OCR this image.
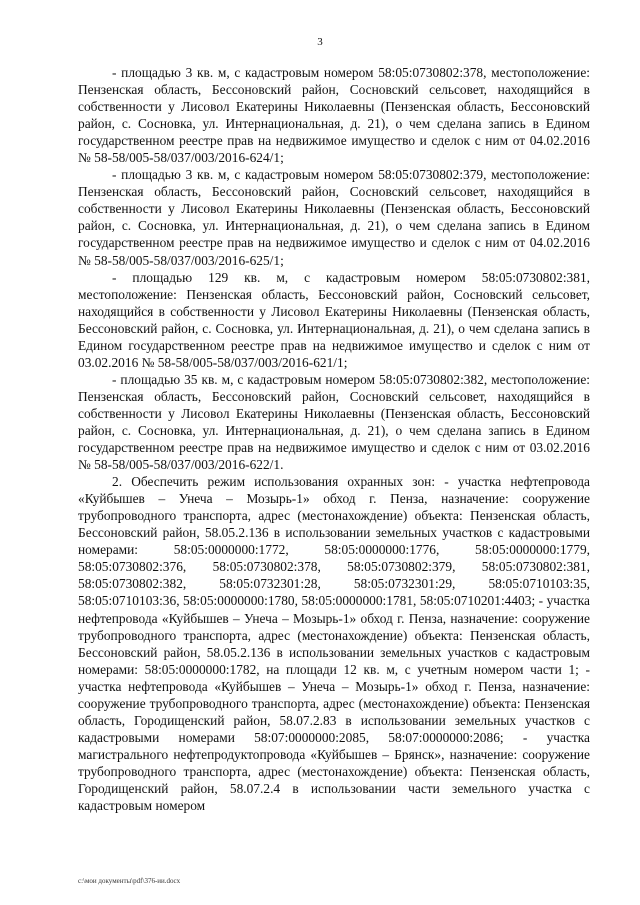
3

- площадью 3 кв. м, с кадастровым номером 58:05:0730802:378, местоположение: Пензенская область, Бессоновский район, Сосновский сельсовет, находящийся в собственности у Лисовол Екатерины Николаевны (Пензенская область, Бессоновский район, с. Сосновка, ул. Интернациональная, д. 21), о чем сделана запись в Едином государственном реестре прав на недвижимое имущество и сделок с ним от 04.02.2016 № 58-58/005-58/037/003/2016-624/1;

- площадью 3 кв. м, с кадастровым номером 58:05:0730802:379, местоположение: Пензенская область, Бессоновский район, Сосновский сельсовет, находящийся в собственности у Лисовол Екатерины Николаевны (Пензенская область, Бессоновский район, с. Сосновка, ул. Интернациональная, д. 21), о чем сделана запись в Едином государственном реестре прав на недвижимое имущество и сделок с ним от 04.02.2016 № 58-58/005-58/037/003/2016-625/1;

- площадью 129 кв. м, с кадастровым номером 58:05:0730802:381, местоположение: Пензенская область, Бессоновский район, Сосновский сельсовет, находящийся в собственности у Лисовол Екатерины Николаевны (Пензенская область, Бессоновский район, с. Сосновка, ул. Интернациональная, д. 21), о чем сделана запись в Едином государственном реестре прав на недвижимое имущество и сделок с ним от 03.02.2016 № 58-58/005-58/037/003/2016-621/1;

- площадью 35 кв. м, с кадастровым номером 58:05:0730802:382, местоположение: Пензенская область, Бессоновский район, Сосновский сельсовет, находящийся в собственности у Лисовол Екатерины Николаевны (Пензенская область, Бессоновский район, с. Сосновка, ул. Интернациональная, д. 21), о чем сделана запись в Едином государственном реестре прав на недвижимое имущество и сделок с ним от 03.02.2016 № 58-58/005-58/037/003/2016-622/1.

2. Обеспечить режим использования охранных зон: - участка нефтепровода «Куйбышев – Унеча – Мозырь-1» обход г. Пенза, назначение: сооружение трубопроводного транспорта, адрес (местонахождение) объекта: Пензенская область, Бессоновский район, 58.05.2.136 в использовании земельных участков с кадастровыми номерами: 58:05:0000000:1772, 58:05:0000000:1776, 58:05:0000000:1779, 58:05:0730802:376, 58:05:0730802:378, 58:05:0730802:379, 58:05:0730802:381, 58:05:0730802:382, 58:05:0732301:28, 58:05:0732301:29, 58:05:0710103:35, 58:05:0710103:36, 58:05:0000000:1780, 58:05:0000000:1781, 58:05:0710201:4403; - участка нефтепровода «Куйбышев – Унеча – Мозырь-1» обход г. Пенза, назначение: сооружение трубопроводного транспорта, адрес (местонахождение) объекта: Пензенская область, Бессоновский район, 58.05.2.136 в использовании земельных участков с кадастровым номерами: 58:05:0000000:1782, на площади 12 кв. м, с учетным номером части 1; - участка нефтепровода «Куйбышев – Унеча – Мозырь-1» обход г. Пенза, назначение: сооружение трубопроводного транспорта, адрес (местонахождение) объекта: Пензенская область, Городищенский район, 58.07.2.83 в использовании земельных участков с кадастровыми номерами 58:07:0000000:2085, 58:07:0000000:2086; - участка магистрального нефтепродуктопровода «Куйбышев – Брянск», назначение: сооружение трубопроводного транспорта, адрес (местонахождение) объекта: Пензенская область, Городищенский район, 58.07.2.4 в использовании части земельного участка с кадастровым номером

c:\мои документы\pdf\376-ии.docx
